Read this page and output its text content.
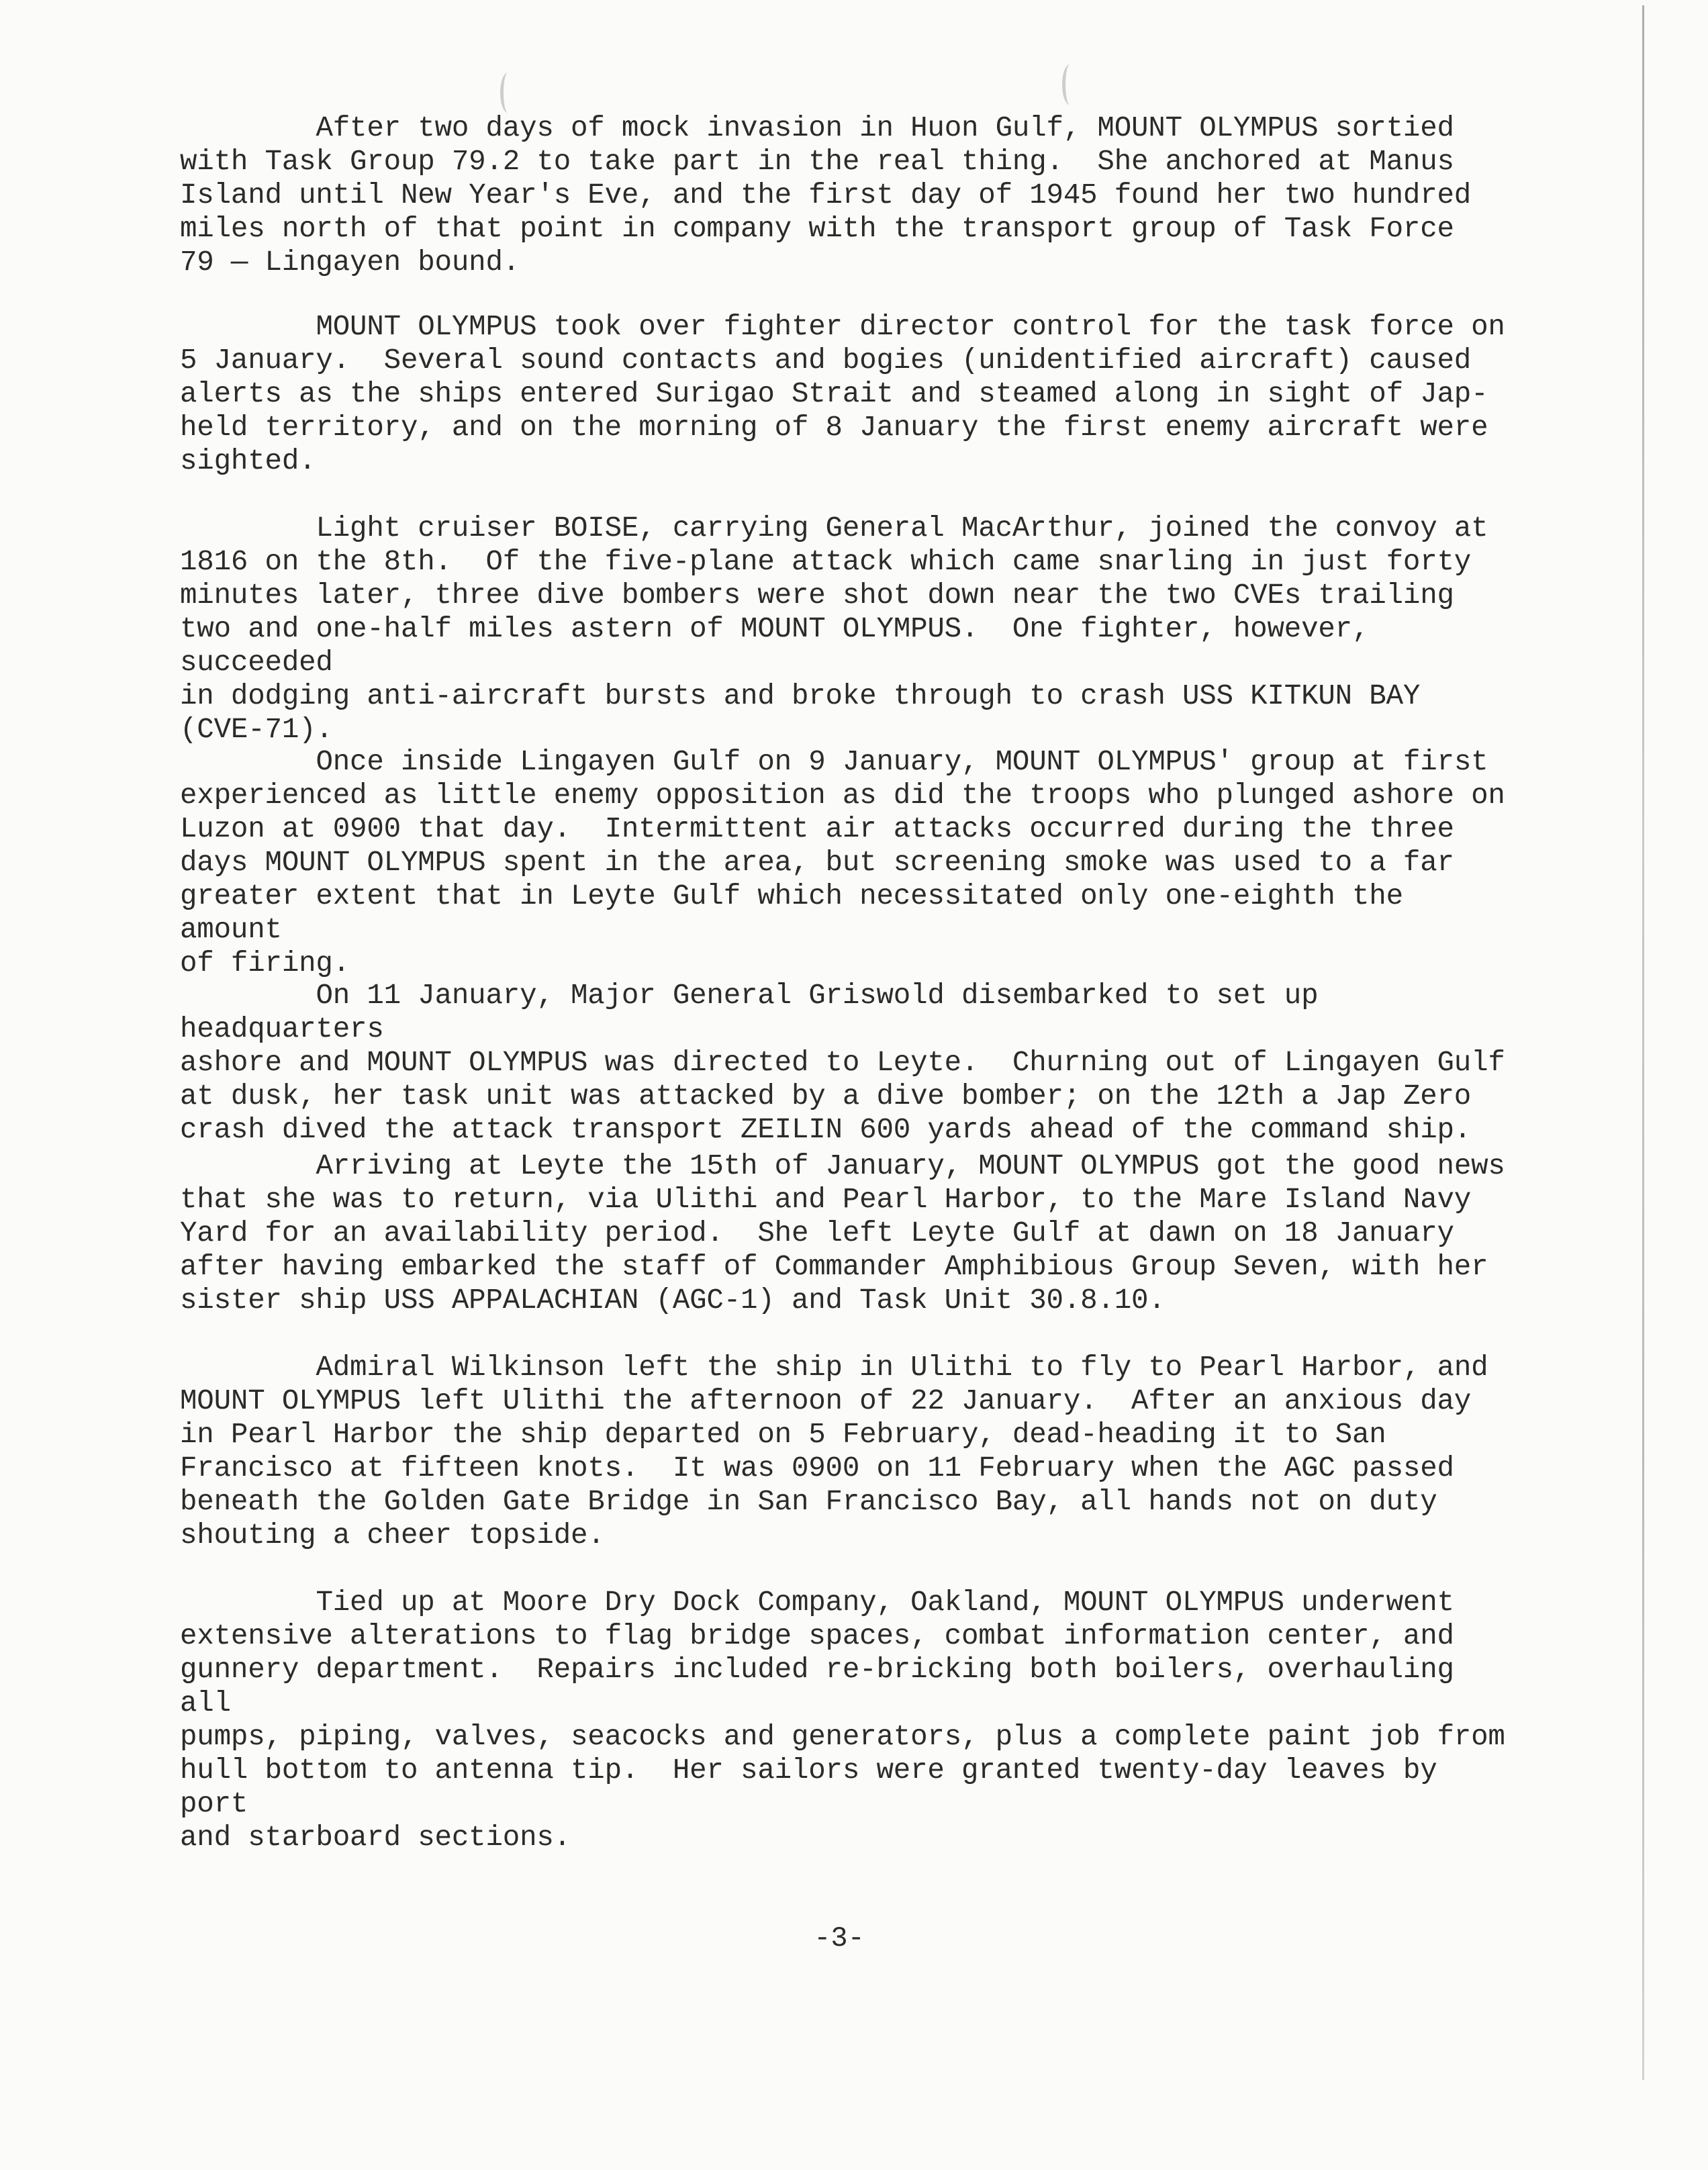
After two days of mock invasion in Huon Gulf, MOUNT OLYMPUS sortied
with Task Group 79.2 to take part in the real thing.  She anchored at Manus
Island until New Year's Eve, and the first day of 1945 found her two hundred
miles north of that point in company with the transport group of Task Force
79 — Lingayen bound.

MOUNT OLYMPUS took over fighter director control for the task force on
5 January.  Several sound contacts and bogies (unidentified aircraft) caused
alerts as the ships entered Surigao Strait and steamed along in sight of Jap-
held territory, and on the morning of 8 January the first enemy aircraft were
sighted.

Light cruiser BOISE, carrying General MacArthur, joined the convoy at
1816 on the 8th.  Of the five-plane attack which came snarling in just forty
minutes later, three dive bombers were shot down near the two CVEs trailing
two and one-half miles astern of MOUNT OLYMPUS.  One fighter, however, succeeded
in dodging anti-aircraft bursts and broke through to crash USS KITKUN BAY
(CVE-71).

Once inside Lingayen Gulf on 9 January, MOUNT OLYMPUS' group at first
experienced as little enemy opposition as did the troops who plunged ashore on
Luzon at 0900 that day.  Intermittent air attacks occurred during the three
days MOUNT OLYMPUS spent in the area, but screening smoke was used to a far
greater extent that in Leyte Gulf which necessitated only one-eighth the amount
of firing.

On 11 January, Major General Griswold disembarked to set up headquarters
ashore and MOUNT OLYMPUS was directed to Leyte.  Churning out of Lingayen Gulf
at dusk, her task unit was attacked by a dive bomber; on the 12th a Jap Zero
crash dived the attack transport ZEILIN 600 yards ahead of the command ship.

Arriving at Leyte the 15th of January, MOUNT OLYMPUS got the good news
that she was to return, via Ulithi and Pearl Harbor, to the Mare Island Navy
Yard for an availability period.  She left Leyte Gulf at dawn on 18 January
after having embarked the staff of Commander Amphibious Group Seven, with her
sister ship USS APPALACHIAN (AGC-1) and Task Unit 30.8.10.

Admiral Wilkinson left the ship in Ulithi to fly to Pearl Harbor, and
MOUNT OLYMPUS left Ulithi the afternoon of 22 January.  After an anxious day
in Pearl Harbor the ship departed on 5 February, dead-heading it to San
Francisco at fifteen knots.  It was 0900 on 11 February when the AGC passed
beneath the Golden Gate Bridge in San Francisco Bay, all hands not on duty
shouting a cheer topside.

Tied up at Moore Dry Dock Company, Oakland, MOUNT OLYMPUS underwent
extensive alterations to flag bridge spaces, combat information center, and
gunnery department.  Repairs included re-bricking both boilers, overhauling all
pumps, piping, valves, seacocks and generators, plus a complete paint job from
hull bottom to antenna tip.  Her sailors were granted twenty-day leaves by port
and starboard sections.

-3-
